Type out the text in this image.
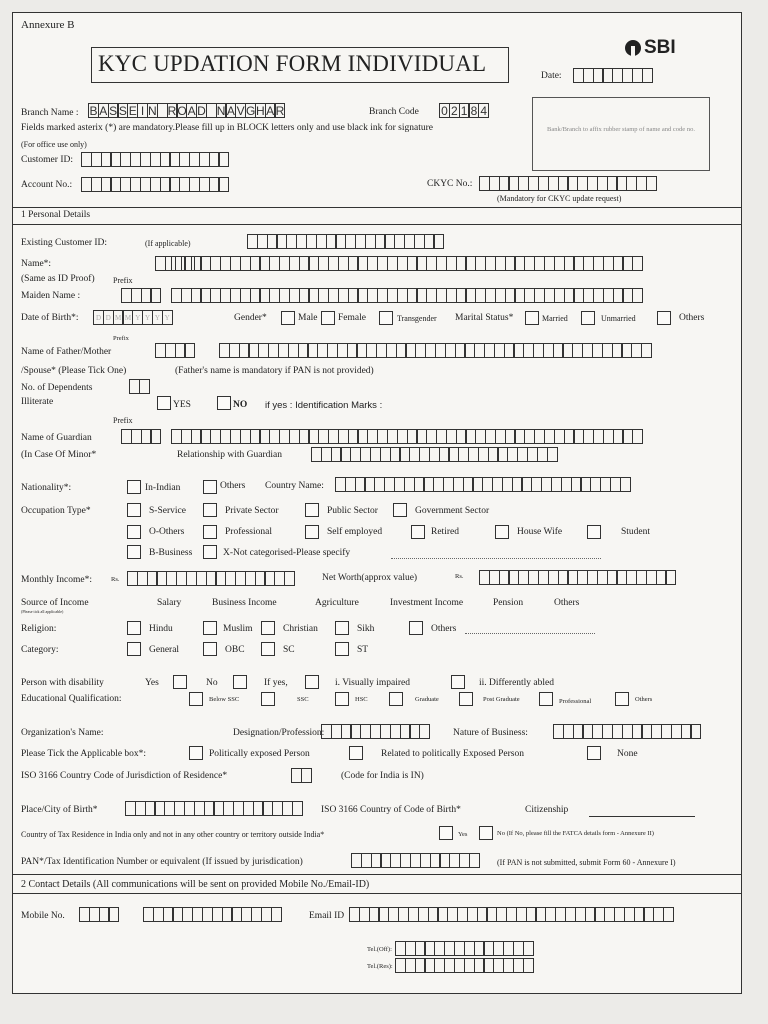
Annexure B
KYC UPDATION FORM INDIVIDUAL
SBI
Date:
Bank/Branch to affix rubber stamp of name and code no.
Branch Name : B A S S E I N R O A D N A V G H A R	Branch Code 0 2 1 8 4
Fields marked asterix (*) are mandatory.Please fill up in BLOCK letters only and use black ink for signature
(For office use only)
Customer ID:
Account No.:	CKYC No.:
(Mandatory for CKYC update request)
1 Personal Details
Existing Customer ID:	(If applicable)
Name*:
(Same as ID Proof) Prefix
Maiden Name :
Date of Birth*:	D D M M Y Y Y Y	Gender*	Male Female	Transgender Marital Status*	Married	Unmarried	Others
Prefix
Name of Father/Mother
/Spouse* (Please Tick One)	(Father's name is mandatory if PAN is not provided)
No. of Dependents
Illiterate	YES	NO if yes : Identification Marks :
Prefix
Name of Guardian
(In Case Of Minor*	Relationship with Guardian
Nationality*:	In-Indian	Others Country Name:
Occupation Type*	S-Service	Private Sector	Public Sector	Government Sector
O-Others	Professional	Self employed	Retired	House Wife	Student
B-Business	X-Not categorised-Please specify
Monthly Income*:	Rs.	Net Worth(approx value)	Rs.
Source of Income
(Please tick all applicable)
Salary	Business Income	Agriculture	Investment Income	Pension	Others
Religion:	Hindu	Muslim	Christian	Sikh	Others
Category:	General	OBC	SC	ST
Person with disability	Yes	No	If yes,	i. Visually impaired	ii. Differently abled
Educational Qualification:	Below SSC	SSC	HSC	Graduate	Post Graduate	Professional	Others
Organization's Name:	Designation/Profession:	Nature of Business:
Please Tick the Applicable box*:	Politically exposed Person	Related to politically Exposed Person	None
ISO 3166 Country Code of Jurisdiction of Residence*	(Code for India is IN)
Place/City of Birth*	ISO 3166 Country of Code of Birth*	Citizenship
Country of Tax Residence in India only and not in any other country or territory outside India*	Yes	No (If No, please fill the FATCA details form - Annexure II)
PAN*/Tax Identification Number or equivalent (If issued by jurisdication)	(If PAN is not submitted, submit Form 60 - Annexure I)
2 Contact Details (All communications will be sent on provided Mobile No./Email-ID)
Mobile No.	Email ID
Tel.(Off):
Tel.(Res):
